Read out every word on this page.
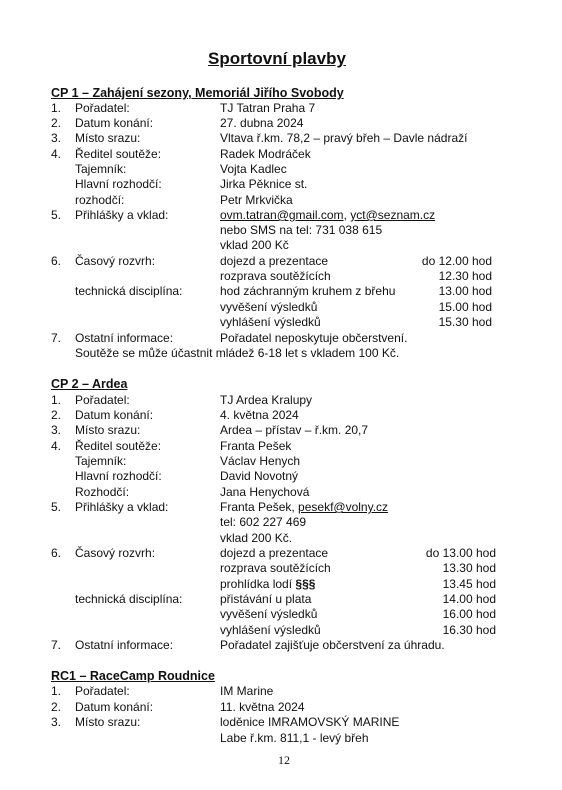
Sportovní plavby
CP 1 – Zahájení sezony, Memoriál Jiřího Svobody
1. Pořadatel:	TJ Tatran Praha 7
2. Datum konání:	27. dubna 2024
3. Místo srazu:	Vltava ř.km. 78,2 – pravý břeh – Davle nádraží
4. Ředitel soutěže:	Radek Modráček
Tajemník:	Vojta Kadlec
Hlavní rozhodčí:	Jirka Pěknice st.
rozhodčí:	Petr Mrkvička
5. Přihlášky a vklad:	ovm.tatran@gmail.com, yct@seznam.cz
nebo SMS na tel: 731 038 615
vklad 200 Kč
6. Časový rozvrh:	dojezd a prezentace	do 12.00 hod
rozprava soutěžících	12.30 hod
technická disciplína:	hod záchranným kruhem z břehu	13.00 hod
vyvěšení výsledků	15.00 hod
vyhlášení výsledků	15.30 hod
7. Ostatní informace:	Pořadatel neposkytuje občerstvení.
Soutěže se může účastnit mládež 6-18 let s vkladem 100 Kč.
CP 2 – Ardea
1. Pořadatel:	TJ Ardea Kralupy
2. Datum konání:	4. května 2024
3. Místo srazu:	Ardea – přístav – ř.km. 20,7
4. Ředitel soutěže:	Franta Pešek
Tajemník:	Václav Henych
Hlavní rozhodčí:	David Novotný
Rozhodčí:	Jana Henychová
5. Přihlášky a vklad:	Franta Pešek, pesekf@volny.cz
tel: 602 227 469
vklad 200 Kč.
6. Časový rozvrh:	dojezd a prezentace	do 13.00 hod
rozprava soutěžících	13.30 hod
prohlídka lodí §§§	13.45 hod
technická disciplína:	přistávání u plata	14.00 hod
vyvěšení výsledků	16.00 hod
vyhlášení výsledků	16.30 hod
7. Ostatní informace:	Pořadatel zajišťuje občerstvení za úhradu.
RC1 – RaceCamp Roudnice
1. Pořadatel:	IM Marine
2. Datum konání:	11. května 2024
3. Místo srazu:	loděnice IMRAMOVSKÝ MARINE
Labe ř.km. 811,1 - levý břeh
12
